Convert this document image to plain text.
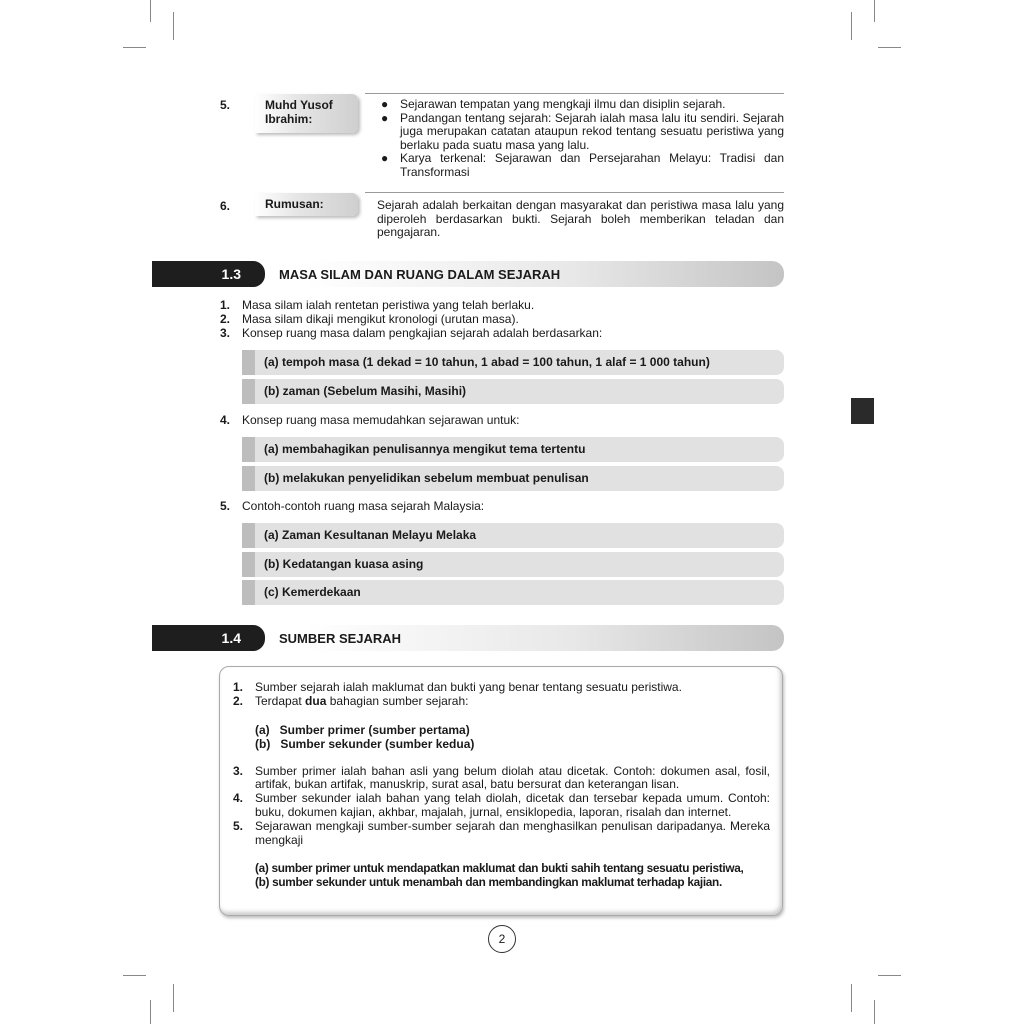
5.	Muhd Yusof Ibrahim:
● Sejarawan tempatan yang mengkaji ilmu dan disiplin sejarah.
● Pandangan tentang sejarah: Sejarah ialah masa lalu itu sendiri. Sejarah juga merupakan catatan ataupun rekod tentang sesuatu peristiwa yang berlaku pada suatu masa yang lalu.
● Karya terkenal: Sejarawan dan Persejarahan Melayu: Tradisi dan Transformasi
6.	Rumusan:	Sejarah adalah berkaitan dengan masyarakat dan peristiwa masa lalu yang diperoleh berdasarkan bukti. Sejarah boleh memberikan teladan dan pengajaran.
1.3	MASA SILAM DAN RUANG DALAM SEJARAH
1. Masa silam ialah rentetan peristiwa yang telah berlaku.
2. Masa silam dikaji mengikut kronologi (urutan masa).
3. Konsep ruang masa dalam pengkajian sejarah adalah berdasarkan:
(a) tempoh masa (1 dekad = 10 tahun, 1 abad = 100 tahun, 1 alaf = 1 000 tahun)
(b) zaman (Sebelum Masihi, Masihi)
4. Konsep ruang masa memudahkan sejarawan untuk:
(a) membahagikan penulisannya mengikut tema tertentu
(b) melakukan penyelidikan sebelum membuat penulisan
5. Contoh-contoh ruang masa sejarah Malaysia:
(a) Zaman Kesultanan Melayu Melaka
(b) Kedatangan kuasa asing
(c) Kemerdekaan
1.4	SUMBER SEJARAH
1. Sumber sejarah ialah maklumat dan bukti yang benar tentang sesuatu peristiwa.
2. Terdapat dua bahagian sumber sejarah:
(a)   Sumber primer (sumber pertama)
(b)   Sumber sekunder (sumber kedua)
3. Sumber primer ialah bahan asli yang belum diolah atau dicetak. Contoh: dokumen asal, fosil, artifak, bukan artifak, manuskrip, surat asal, batu bersurat dan keterangan lisan.
4. Sumber sekunder ialah bahan yang telah diolah, dicetak dan tersebar kepada umum. Contoh: buku, dokumen kajian, akhbar, majalah, jurnal, ensiklopedia, laporan, risalah dan internet.
5. Sejarawan mengkaji sumber-sumber sejarah dan menghasilkan penulisan daripadanya. Mereka mengkaji
(a) sumber primer untuk mendapatkan maklumat dan bukti sahih tentang sesuatu peristiwa,
(b) sumber sekunder untuk menambah dan membandingkan maklumat terhadap kajian.
2
